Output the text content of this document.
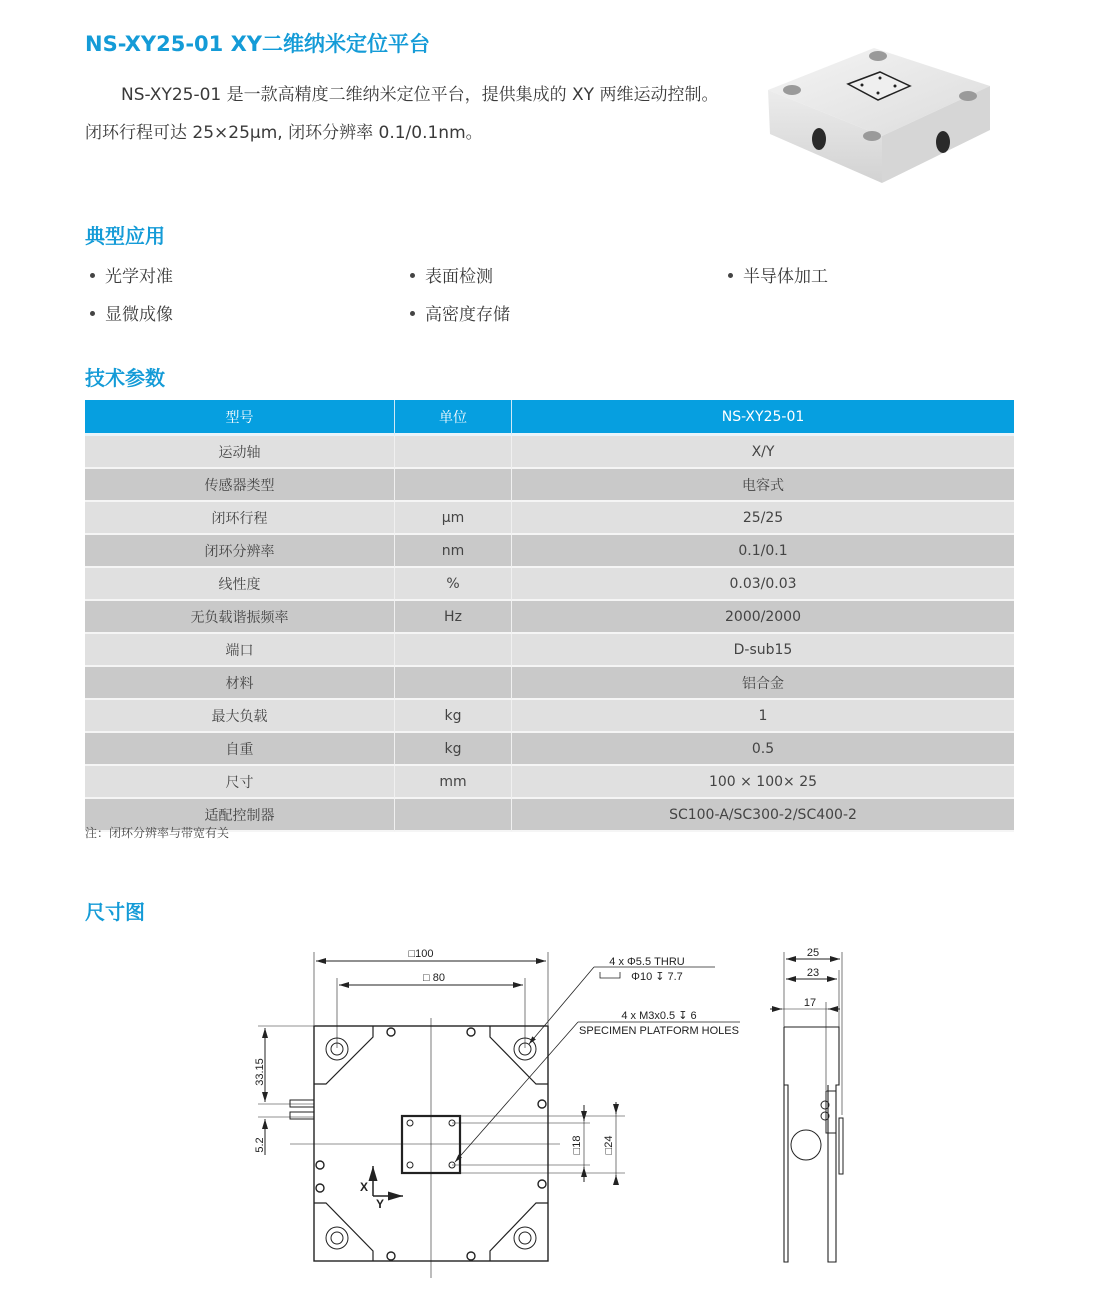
NS-XY25-01 XY二维纳米定位平台
NS-XY25-01 是一款高精度二维纳米定位平台，提供集成的 XY 两维运动控制。闭环行程可达 25×25μm, 闭环分辨率 0.1/0.1nm。
典型应用
光学对准	表面检测	半导体加工
显微成像	高密度存储
技术参数
型号	单位	NS-XY25-01
运动轴		X/Y
传感器类型		电容式
闭环行程	μm	25/25
闭环分辨率	nm	0.1/0.1
线性度	%	0.03/0.03
无负载谐振频率	Hz	2000/2000
端口		D-sub15
材料		铝合金
最大负载	kg	1
自重	kg	0.5
尺寸	mm	100 × 100× 25
适配控制器		SC100-A/SC300-2/SC400-2
注：闭环分辨率与带宽有关
尺寸图
□100
□ 80
33.15
5.2	□18 □24
4 x Φ5.5 THRU
Φ10 ↧ 7.7
4 x M3x0.5 ↧ 6
SPECIMEN PLATFORM HOLES
X
Y
25
23
17
